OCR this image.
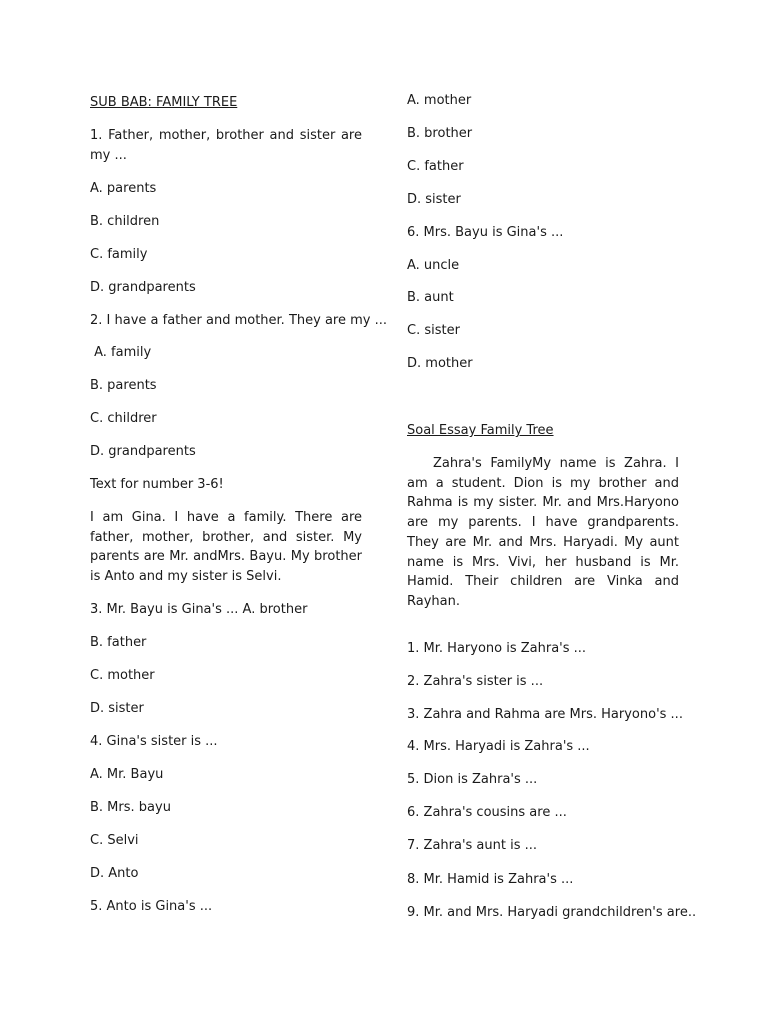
SUB BAB: FAMILY TREE
1. Father, mother, brother and sister are my ...
A. parents
B. children
C. family
D. grandparents
2. I have a father and mother. They are my ...
A. family
B. parents
C. childrer
D. grandparents
Text for number 3-6!
I am Gina. I have a family. There are father, mother, brother, and sister. My parents are Mr. andMrs. Bayu. My brother is Anto and my sister is Selvi.
3. Mr. Bayu is Gina's ... A. brother
B. father
C. mother
D. sister
4. Gina's sister is ...
A. Mr. Bayu
B. Mrs. bayu
C. Selvi
D. Anto
5. Anto is Gina's ...
A. mother
B. brother
C. father
D. sister
6. Mrs. Bayu is Gina's ...
A. uncle
B. aunt
C. sister
D. mother
Soal Essay Family Tree
Zahra's FamilyMy name is Zahra. I am a student. Dion is my brother and Rahma is my sister. Mr. and Mrs.Haryono are my parents. I have grandparents. They are Mr. and Mrs. Haryadi. My aunt name is Mrs. Vivi, her husband is Mr. Hamid. Their children are Vinka and Rayhan.
1. Mr. Haryono is Zahra's ...
2. Zahra's sister is ...
3. Zahra and Rahma are Mrs. Haryono's ...
4. Mrs. Haryadi is Zahra's ...
5. Dion is Zahra's ...
6. Zahra's cousins are ...
7. Zahra's aunt is ...
8. Mr. Hamid is Zahra's ...
9. Mr. and Mrs. Haryadi grandchildren's are..
